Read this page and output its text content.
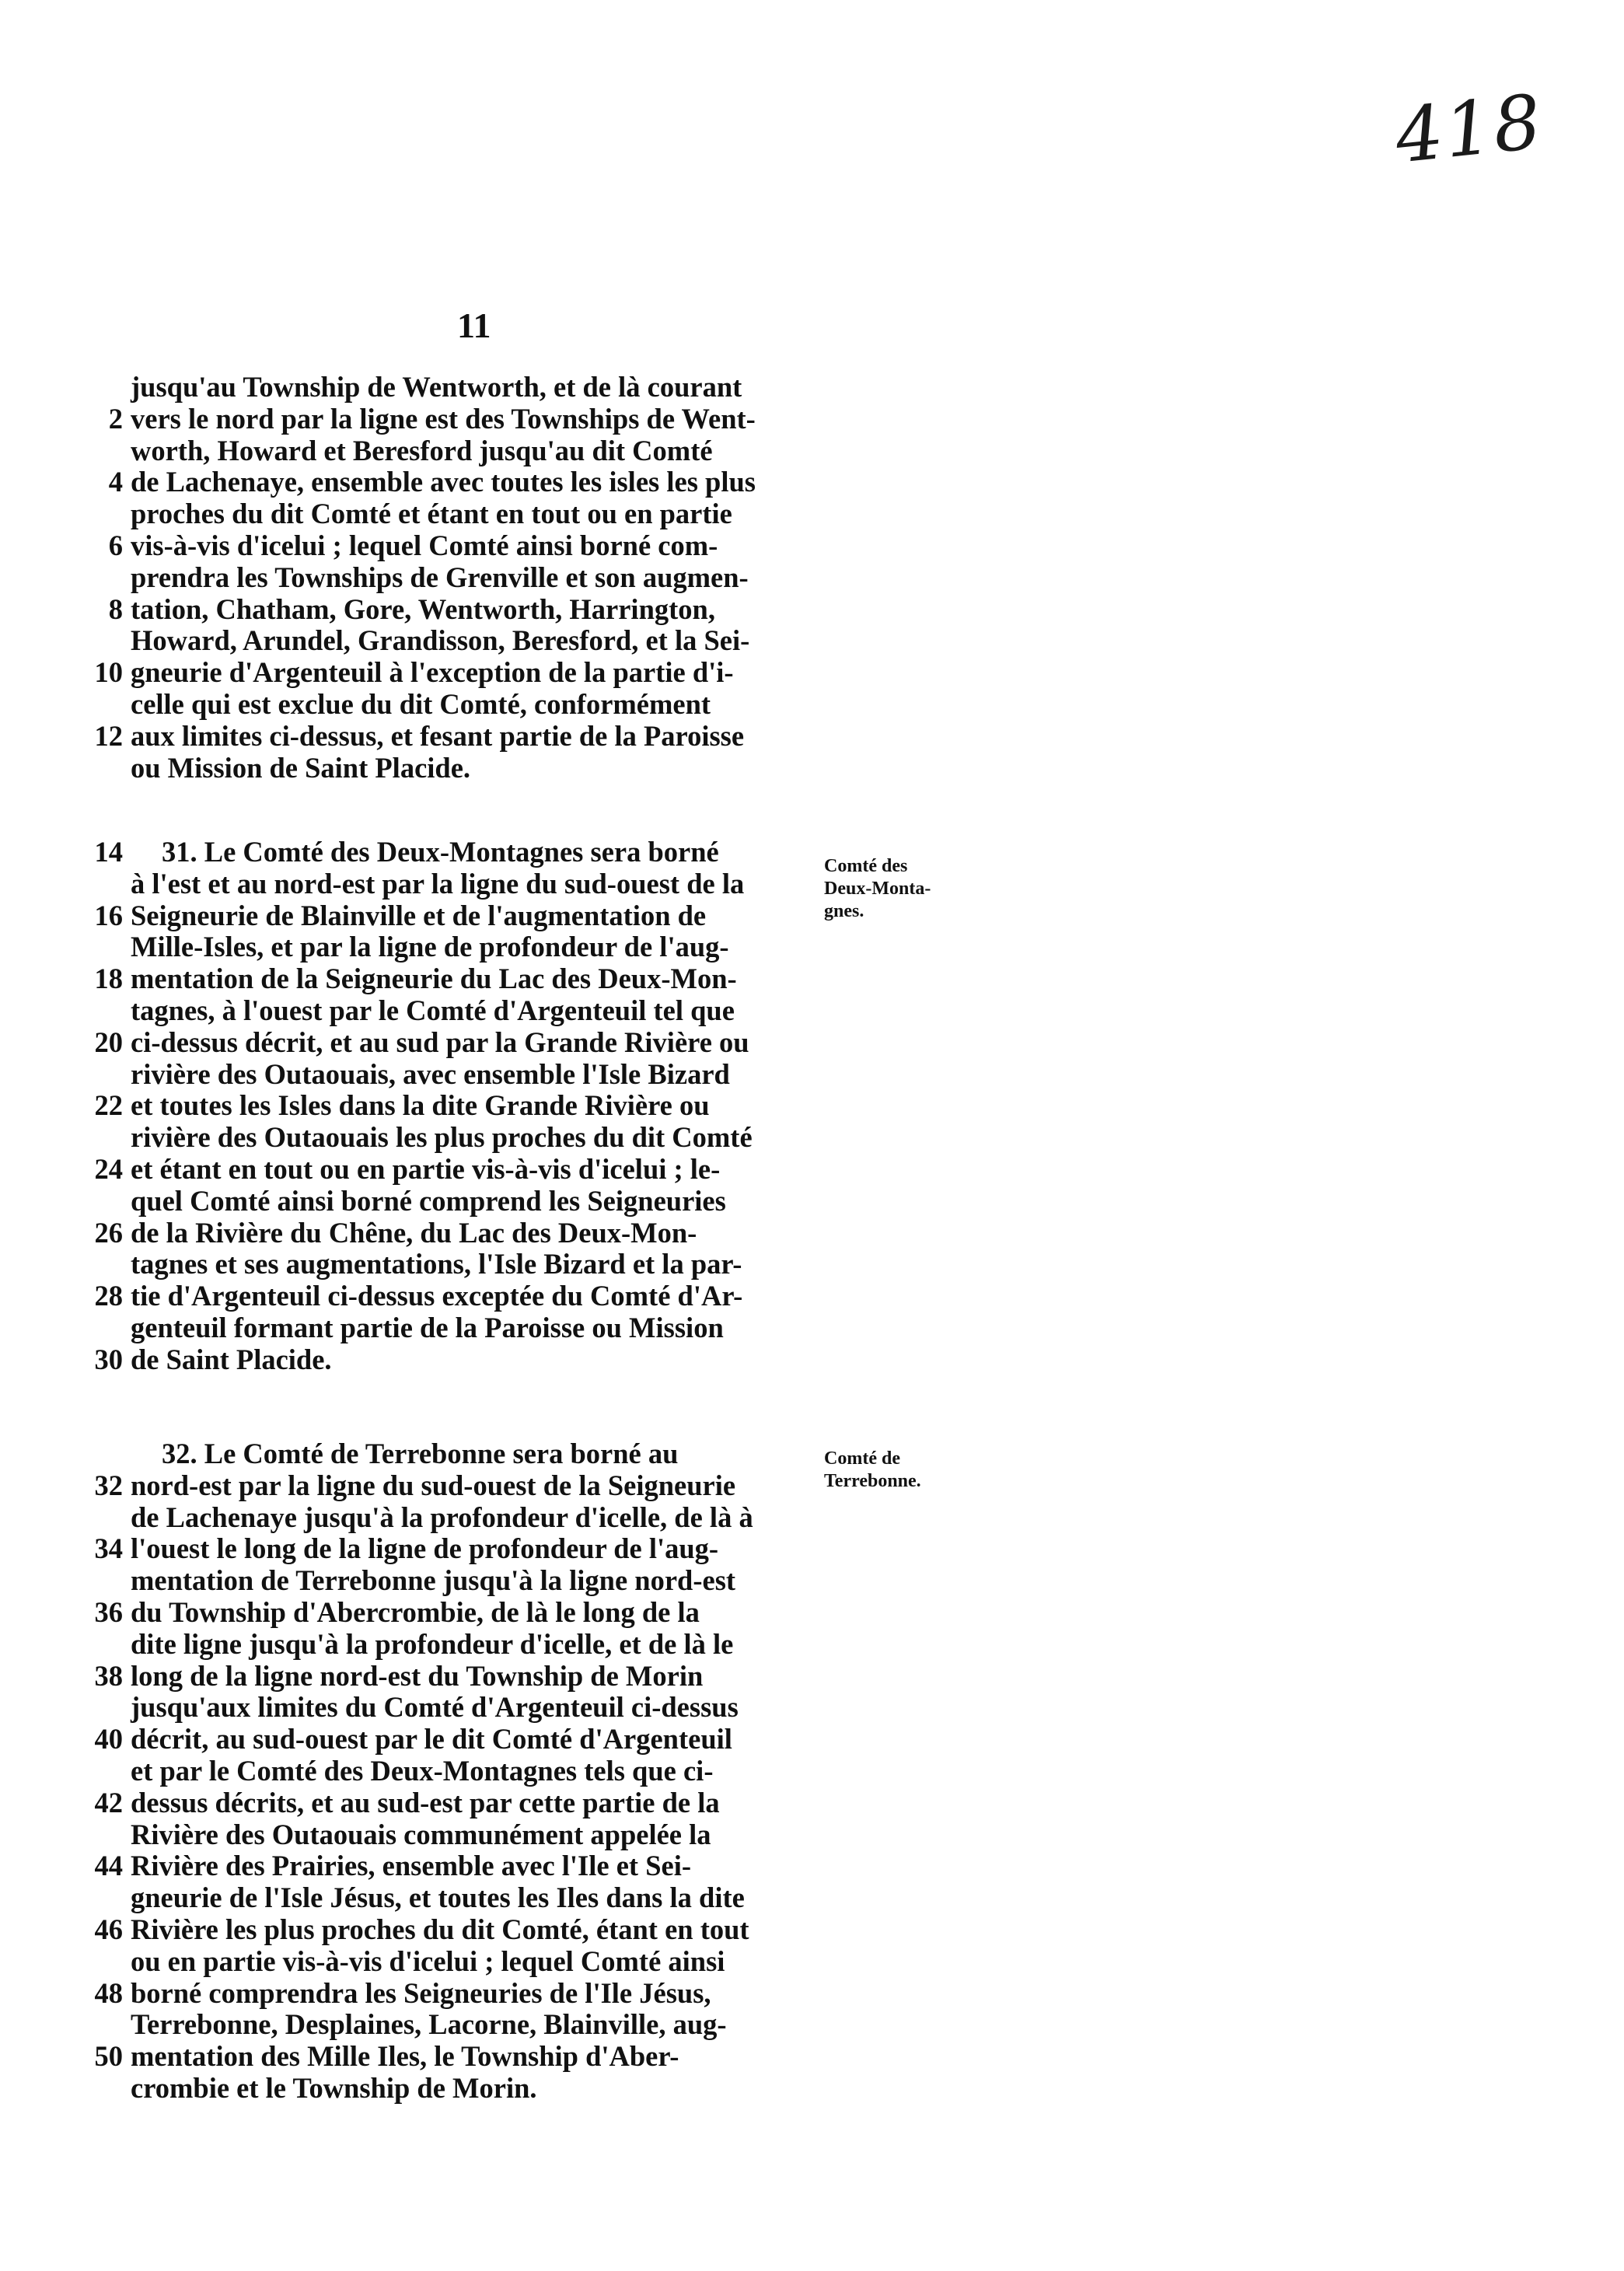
418
11
jusqu'au Township de Wentworth, et de là courant
2 vers le nord par la ligne est des Townships de Went-
worth, Howard et Beresford jusqu'au dit Comté
4 de Lachenaye, ensemble avec toutes les isles les plus
proches du dit Comté et étant en tout ou en partie
6 vis-à-vis d'icelui ; lequel Comté ainsi borné com-
prendra les Townships de Grenville et son augmen-
8 tation, Chatham, Gore, Wentworth, Harrington,
Howard, Arundel, Grandisson, Beresford, et la Sei-
10 gneurie d'Argenteuil à l'exception de la partie d'i-
celle qui est exclue du dit Comté, conformément
12 aux limites ci-dessus, et fesant partie de la Paroisse
ou Mission de Saint Placide.
14 31. Le Comté des Deux-Montagnes sera borné
à l'est et au nord-est par la ligne du sud-ouest de la
16 Seigneurie de Blainville et de l'augmentation de
Mille-Isles, et par la ligne de profondeur de l'aug-
18 mentation de la Seigneurie du Lac des Deux-Mon-
tagnes, à l'ouest par le Comté d'Argenteuil tel que
20 ci-dessus décrit, et au sud par la Grande Rivière ou
rivière des Outaouais, avec ensemble l'Isle Bizard
22 et toutes les Isles dans la dite Grande Rivière ou
rivière des Outaouais les plus proches du dit Comté
24 et étant en tout ou en partie vis-à-vis d'icelui ; le-
quel Comté ainsi borné comprend les Seigneuries
26 de la Rivière du Chêne, du Lac des Deux-Mon-
tagnes et ses augmentations, l'Isle Bizard et la par-
28 tie d'Argenteuil ci-dessus exceptée du Comté d'Ar-
genteuil formant partie de la Paroisse ou Mission
30 de Saint Placide.
32. Le Comté de Terrebonne sera borné au
32 nord-est par la ligne du sud-ouest de la Seigneurie
de Lachenaye jusqu'à la profondeur d'icelle, de là à
34 l'ouest le long de la ligne de profondeur de l'aug-
mentation de Terrebonne jusqu'à la ligne nord-est
36 du Township d'Abercrombie, de là le long de la
dite ligne jusqu'à la profondeur d'icelle, et de là le
38 long de la ligne nord-est du Township de Morin
jusqu'aux limites du Comté d'Argenteuil ci-dessus
40 décrit, au sud-ouest par le dit Comté d'Argenteuil
et par le Comté des Deux-Montagnes tels que ci-
42 dessus décrits, et au sud-est par cette partie de la
Rivière des Outaouais communément appelée la
44 Rivière des Prairies, ensemble avec l'Ile et Sei-
gneurie de l'Isle Jésus, et toutes les Iles dans la dite
46 Rivière les plus proches du dit Comté, étant en tout
ou en partie vis-à-vis d'icelui ; lequel Comté ainsi
48 borné comprendra les Seigneuries de l'Ile Jésus,
Terrebonne, Desplaines, Lacorne, Blainville, aug-
50 mentation des Mille Iles, le Township d'Aber-
crombie et le Township de Morin.
Comté des
Deux-Monta-
gnes.
Comté de
Terrebonne.
